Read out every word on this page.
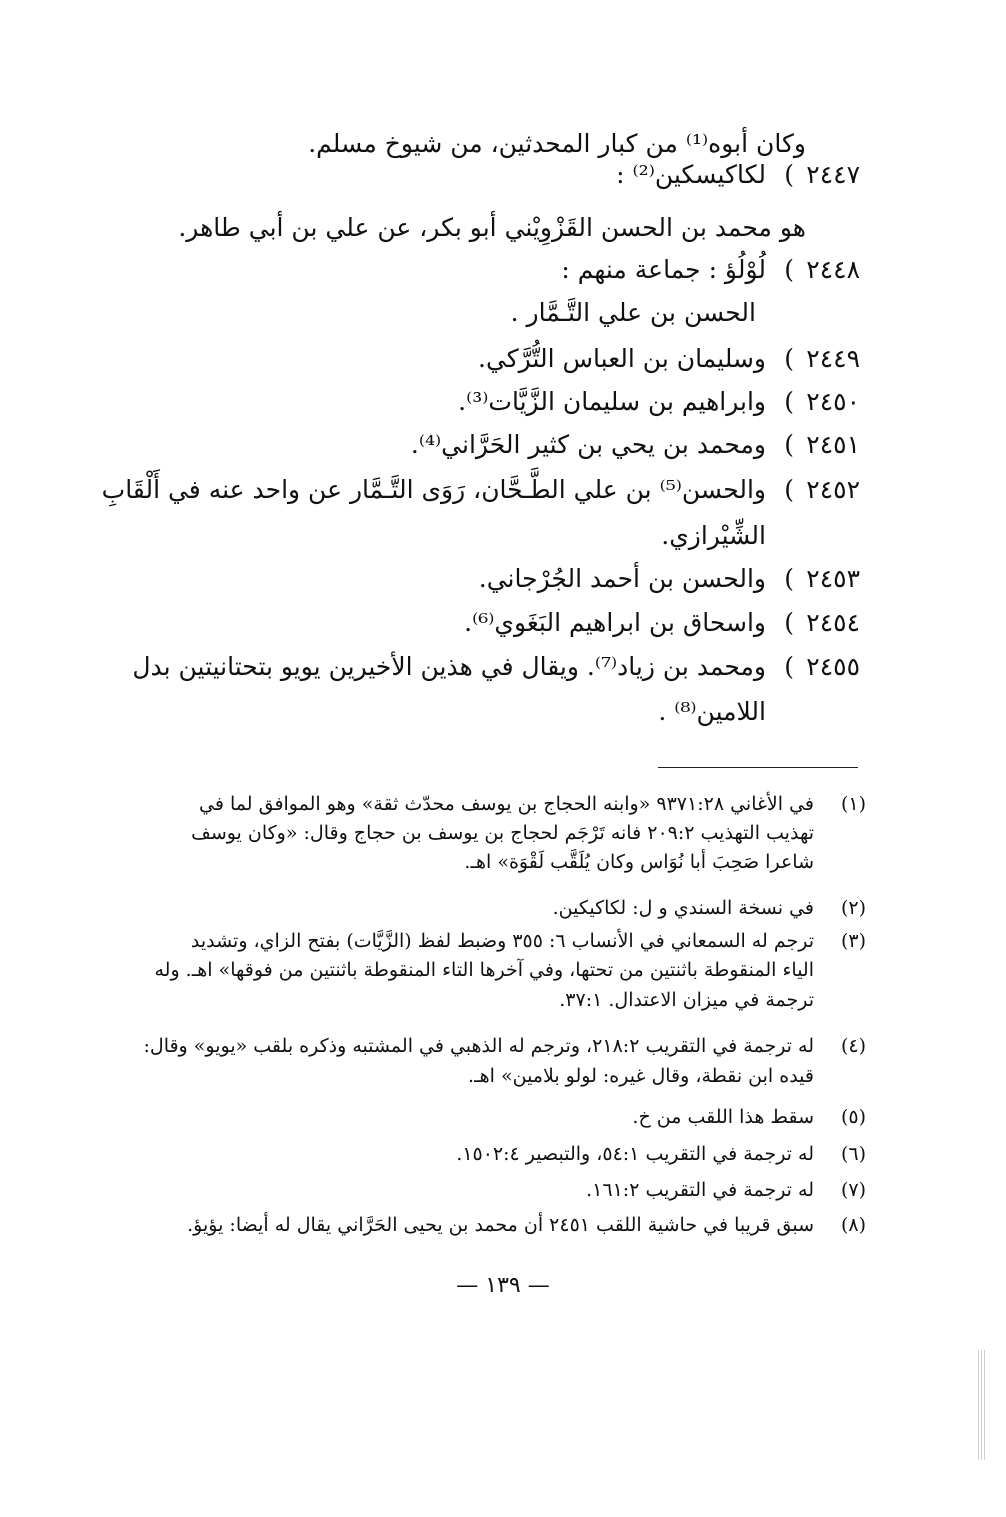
وكان أبوه⁽¹⁾ من كبار المحدثين، من شيوخ مسلم.
٢٤٤٧
)
لكاكيسكين⁽²⁾ :
هو محمد بن الحسن القَزْوِيْني أبو بكر، عن علي بن أبي طاهر.
٢٤٤٨
)
لُوْلُؤ : جماعة منهم :
الحسن بن علي التَّـمَّار .
٢٤٤٩
)
وسليمان بن العباس التُّرَّكي.
٢٤٥٠
)
وابراهيم بن سليمان الزَّيَّات⁽³⁾.
٢٤٥١
)
ومحمد بن يحي بن كثير الحَرَّاني⁽⁴⁾.
٢٤٥٢
)
والحسن⁽⁵⁾ بن علي الطَّـحَّان، رَوَى التَّـمَّار عن واحد عنه في أَلْقَابِ
الشِّيْرازي.
٢٤٥٣
)
والحسن بن أحمد الجُرْجاني.
٢٤٥٤
)
واسحاق بن ابراهيم البَغَوي⁽⁶⁾.
٢٤٥٥
)
ومحمد بن زياد⁽⁷⁾. ويقال في هذين الأخيرين يويو بتحتانيتين بدل
اللامين⁽⁸⁾ .
(١)
في الأغاني ٩٣٧١:٢٨ «وابنه الحجاج بن يوسف محدّث ثقة» وهو الموافق لما في
تهذيب التهذيب ٢٠٩:٢ فانه تَرْجَم لحجاج بن يوسف بن حجاج وقال: «وكان يوسف
شاعرا صَحِبَ أبا نُوَاس وكان يُلَقَّب لَقْوَة» اهـ.
(٢)
في نسخة السندي و ل: لكاكيكين.
(٣)
ترجم له السمعاني في الأنساب ٦: ٣٥٥ وضبط لفظ (الزَّيَّات) بفتح الزاي، وتشديد
الياء المنقوطة باثنتين من تحتها، وفي آخرها التاء المنقوطة باثنتين من فوقها» اهـ. وله
ترجمة في ميزان الاعتدال. ٣٧:١.
(٤)
له ترجمة في التقريب ٢١٨:٢، وترجم له الذهبي في المشتبه وذكره بلقب «يويو» وقال:
قيده ابن نقطة، وقال غيره: لولو بلامين» اهـ.
(٥)
سقط هذا اللقب من خ.
(٦)
له ترجمة في التقريب ٥٤:١، والتبصير ١٥٠٢:٤.
(٧)
له ترجمة في التقريب ١٦١:٢.
(٨)
سبق قريبا في حاشية اللقب ٢٤٥١ أن محمد بن يحيى الحَرَّاني يقال له أيضا: يؤيؤ.
— ١٣٩ —
